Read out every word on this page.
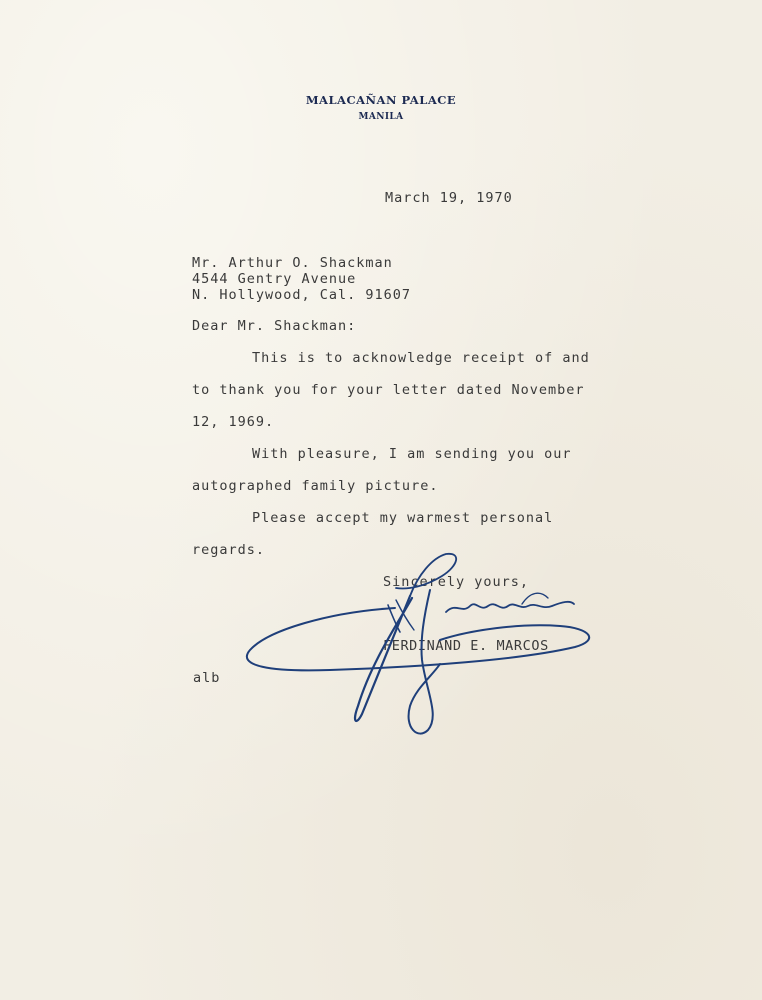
MALACAÑAN PALACE
MANILA
March 19, 1970
Mr. Arthur O. Shackman
4544 Gentry Avenue
N. Hollywood, Cal. 91607
Dear Mr. Shackman:
This is to acknowledge receipt of and
to thank you for your letter dated November
12, 1969.
With pleasure, I am sending you our
autographed family picture.
Please accept my warmest personal
regards.
Sincerely yours,
FERDINAND E. MARCOS
alb
